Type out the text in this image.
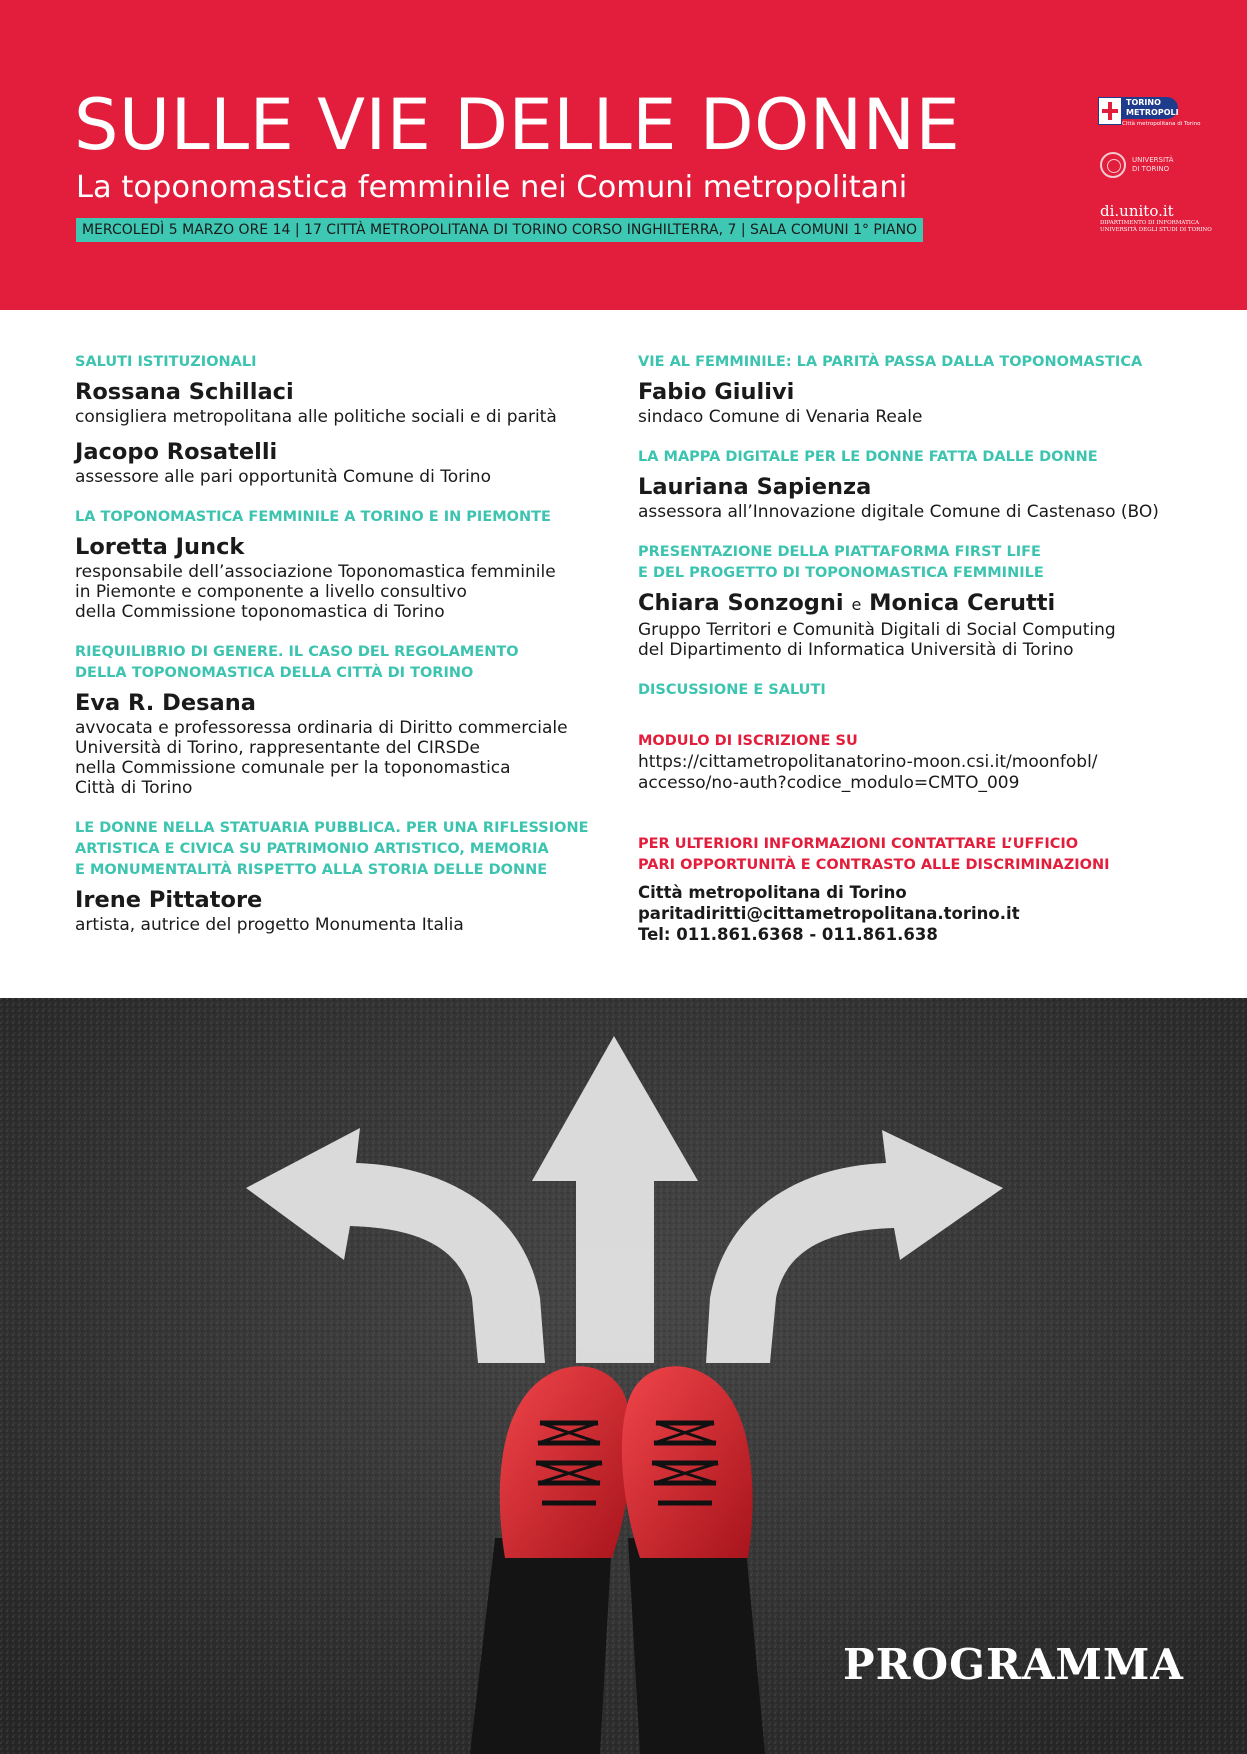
SULLE VIE DELLE DONNE
La toponomastica femminile nei Comuni metropolitani
MERCOLEDÌ 5 MARZO ORE 14 | 17 CITTÀ METROPOLITANA DI TORINO CORSO INGHILTERRA, 7 | SALA COMUNI 1° PIANO
TORINO
METROPOLI
Città metropolitana di Torino
UNIVERSITÀ
DI TORINO
di.unito.it
DIPARTIMENTO DI INFORMATICA
UNIVERSITÀ DEGLI STUDI DI TORINO
SALUTI ISTITUZIONALI
Rossana Schillaci
consigliera metropolitana alle politiche sociali e di parità
Jacopo Rosatelli
assessore alle pari opportunità Comune di Torino
LA TOPONOMASTICA FEMMINILE A TORINO E IN PIEMONTE
Loretta Junck
responsabile dell’associazione Toponomastica femminile
in Piemonte e componente a livello consultivo
della Commissione toponomastica di Torino
RIEQUILIBRIO DI GENERE. IL CASO DEL REGOLAMENTO
DELLA TOPONOMASTICA DELLA CITTÀ DI TORINO
Eva R. Desana
avvocata e professoressa ordinaria di Diritto commerciale
Università di Torino, rappresentante del CIRSDe
nella Commissione comunale per la toponomastica
Città di Torino
LE DONNE NELLA STATUARIA PUBBLICA. PER UNA RIFLESSIONE
ARTISTICA E CIVICA SU PATRIMONIO ARTISTICO, MEMORIA
E MONUMENTALITÀ RISPETTO ALLA STORIA DELLE DONNE
Irene Pittatore
artista, autrice del progetto Monumenta Italia
VIE AL FEMMINILE: LA PARITÀ PASSA DALLA TOPONOMASTICA
Fabio Giulivi
sindaco Comune di Venaria Reale
LA MAPPA DIGITALE PER LE DONNE FATTA DALLE DONNE
Lauriana Sapienza
assessora all’Innovazione digitale Comune di Castenaso (BO)
PRESENTAZIONE DELLA PIATTAFORMA FIRST LIFE
E DEL PROGETTO DI TOPONOMASTICA FEMMINILE
Chiara Sonzogni e Monica Cerutti
Gruppo Territori e Comunità Digitali di Social Computing
del Dipartimento di Informatica Università di Torino
DISCUSSIONE E SALUTI
MODULO DI ISCRIZIONE SU
https://cittametropolitanatorino-moon.csi.it/moonfobl/
accesso/no-auth?codice_modulo=CMTO_009
PER ULTERIORI INFORMAZIONI CONTATTARE L’UFFICIO
PARI OPPORTUNITÀ E CONTRASTO ALLE DISCRIMINAZIONI
Città metropolitana di Torino
paritadiritti@cittametropolitana.torino.it
Tel: 011.861.6368 - 011.861.638
PROGRAMMA
